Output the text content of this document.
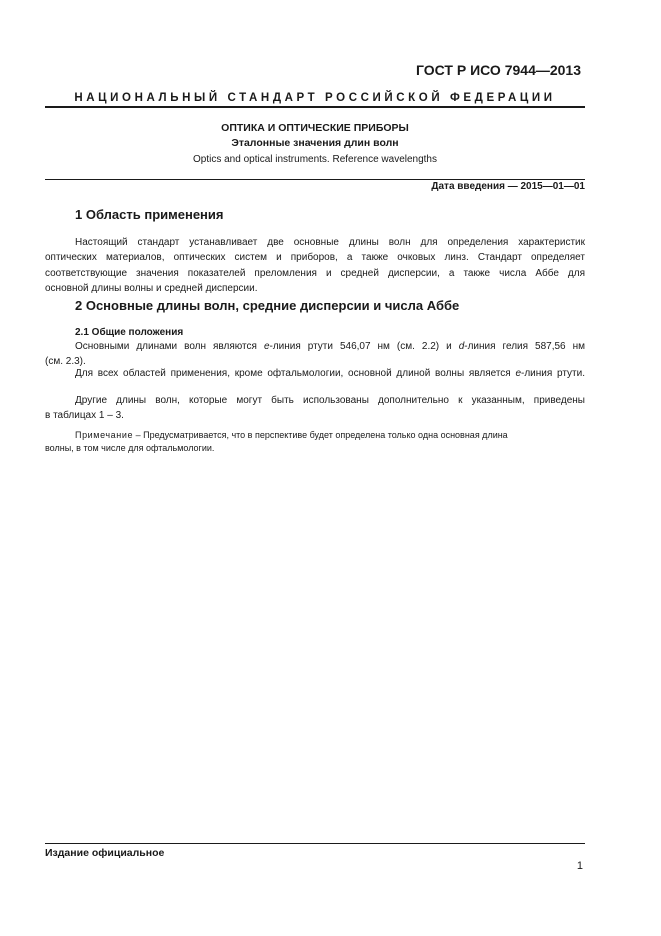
ГОСТ Р ИСО 7944—2013
НАЦИОНАЛЬНЫЙ СТАНДАРТ РОССИЙСКОЙ ФЕДЕРАЦИИ
ОПТИКА И ОПТИЧЕСКИЕ ПРИБОРЫ
Эталонные значения длин волн
Optics and optical instruments. Reference wavelengths
Дата введения — 2015—01—01
1 Область применения
Настоящий стандарт устанавливает две основные длины волн для определения характеристик
оптических материалов, оптических систем и приборов, а также очковых линз. Стандарт определяет
соответствующие значения показателей преломления и средней дисперсии, а также числа Аббе для
основной длины волны и средней дисперсии.
2 Основные длины волн, средние дисперсии и числа Аббе
2.1 Общие положения
Основными длинами волн являются e-линия ртути 546,07 нм (см. 2.2) и d-линия гелия 587,56 нм
(см. 2.3).
Для всех областей применения, кроме офтальмологии, основной длиной волны является e-линия ртути.
Другие длины волн, которые могут быть использованы дополнительно к указанным, приведены
в таблицах 1 – 3.
Примечание – Предусматривается, что в перспективе будет определена только одна основная длина
волны, в том числе для офтальмологии.
Издание официальное
1
